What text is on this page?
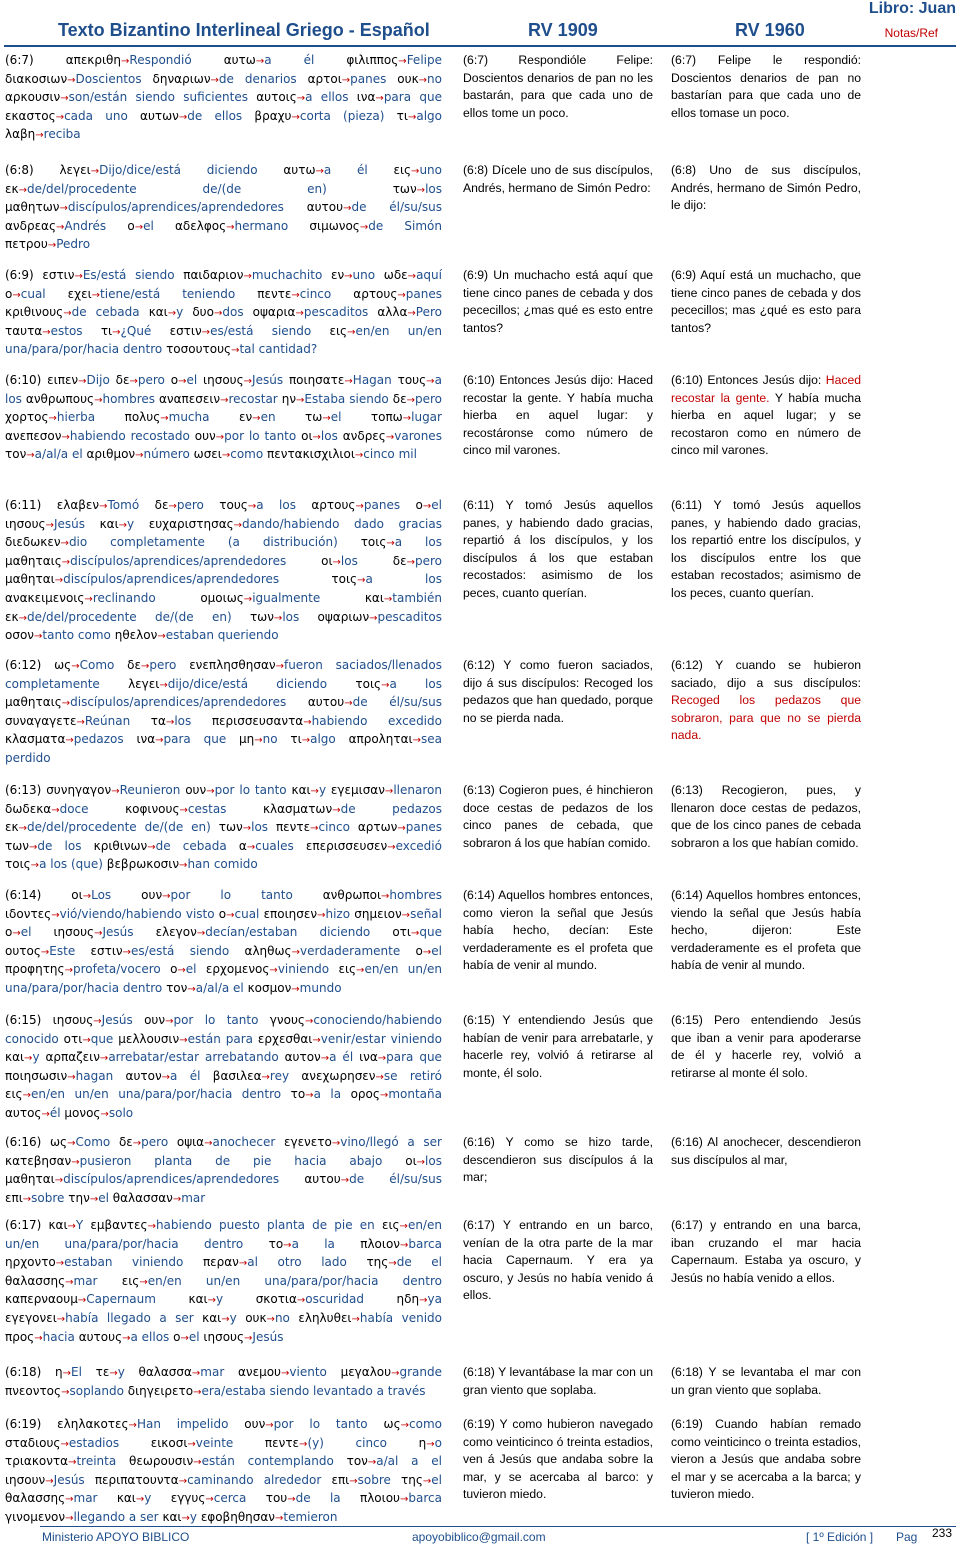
Texto Bizantino Interlineal Griego - Español	RV 1909	RV 1960
Libro: Juan
Notas/Ref
(6:7)	απεκριθη→Respondió	αυτω→a él	φιλιππος→Felipe διακοσιων→Doscientos δηναριων→de denarios αρτοι→panes ουκ→no αρκουσιν→son/están siendo suficientes αυτοις→a ellos ινα→para que εκαστος→cada uno αυτων→de ellos βραχυ→corta (pieza) τι→algo λαβη→reciba
(6:7) Respondióle Felipe: Doscientos denarios de pan no les bastarán, para que cada uno de ellos tome un poco.
(6:7) Felipe le respondió: Doscientos denarios de pan no bastarían para que cada uno de ellos tomase un poco.
(6:8) λεγει→Dijo/dice/está diciendo αυτω→a él εις→uno εκ→de/del/procedente de/(de en)	των→los μαθητων→discípulos/aprendices/aprendedores αυτου→de él/su/sus ανδρεας→Andrés ο→el αδελφος→hermano σιμωνος→de Simón πετρου→Pedro
(6:8) Dícele uno de sus discípulos, Andrés, hermano de Simón Pedro:
(6:8) Uno de sus discípulos, Andrés, hermano de Simón Pedro, le dijo:
(6:9) εστιν→Es/está siendo παιδαριον→muchachito εν→uno ωδε→aquí ο→cual εχει→tiene/está teniendo πεντε→cinco αρτους→panes κριθινους→de cebada και→y δυο→dos οψαρια→pescaditos αλλα→Pero ταυτα→estos τι→¿Qué εστιν→es/está siendo εις→en/en un/en una/para/por/hacia dentro τοσουτους→tal cantidad?
(6:9) Un muchacho está aquí que tiene cinco panes de cebada y dos pececillos; ¿mas qué es esto entre tantos?
(6:9) Aquí está un muchacho, que tiene cinco panes de cebada y dos pececillos; mas ¿qué es esto para tantos?
(6:10) ειπεν→Dijo δε→pero ο→el ιησους→Jesús ποιησατε→Hagan τους→a los ανθρωπους→hombres αναπεσειν→recostar ην→Estaba siendo δε→pero χορτος→hierba πολυς→mucha εν→en τω→el τοπω→lugar ανεπεσον→habiendo recostado ουν→por lo tanto οι→los ανδρες→varones τον→a/al/a el αριθμον→número ωσει→como πεντακισχιλιοι→cinco mil
(6:10) Entonces Jesús dijo: Haced recostar la gente. Y había mucha hierba en aquel lugar: y recostáronse como número de cinco mil varones.
(6:10) Entonces Jesús dijo: Haced recostar la gente. Y había mucha hierba en aquel lugar; y se recostaron como en número de cinco mil varones.
(6:11) ελαβεν→Tomó δε→pero τους→a los αρτους→panes ο→el ιησους→Jesús και→y ευχαριστησας→dando/habiendo dado gracias διεδωκεν→dio completamente (a distribución) τοις→a los μαθηταις→discípulos/aprendices/aprendedores	οι→los	δε→pero μαθηται→discípulos/aprendices/aprendedores	τοις→a los ανακειμενοις→reclinando	ομοιως→igualmente	και→también εκ→de/del/procedente de/(de en) των→los οψαριων→pescaditos οσον→tanto como ηθελον→estaban queriendo
(6:11) Y tomó Jesús aquellos panes, y habiendo dado gracias, repartió á los discípulos, y los discípulos á los que estaban recostados: asimismo de los peces, cuanto querían.
(6:11) Y tomó Jesús aquellos panes, y habiendo dado gracias, los repartió entre los discípulos, y los discípulos entre los que estaban recostados; asimismo de los peces, cuanto querían.
(6:12) ως→Como δε→pero ενεπλησθησαν→fueron saciados/llenados completamente λεγει→dijo/dice/está diciendo τοις→a los μαθηταις→discípulos/aprendices/aprendedores αυτου→de él/su/sus συναγαγετε→Reúnan τα→los περισσευσαντα→habiendo excedido κλασματα→pedazos ινα→para que μη→no τι→algo απροληται→sea perdido
(6:12) Y como fueron saciados, dijo á sus discípulos: Recoged los pedazos que han quedado, porque no se pierda nada.
(6:12) Y cuando se hubieron saciado, dijo a sus discípulos: Recoged los pedazos que sobraron, para que no se pierda nada.
(6:13) συνηγαγον→Reunieron ουν→por lo tanto και→y εγεμισαν→llenaron δωδεκα→doce	κοφινους→cestas	κλασματων→de pedazos εκ→de/del/procedente de/(de en) των→los πεντε→cinco αρτων→panes των→de los κριθινων→de cebada α→cuales επερισσευσεν→excedió τοις→a los (que) βεβρωκοσιν→han comido
(6:13) Cogieron pues, é hinchieron doce cestas de pedazos de los cinco panes de cebada, que sobraron á los que habían comido.
(6:13) Recogieron, pues, y llenaron doce cestas de pedazos, que de los cinco panes de cebada sobraron a los que habían comido.
(6:14) οι→Los ουν→por lo tanto ανθρωποι→hombres ιδοντες→vió/viendo/habiendo visto ο→cual εποιησεν→hizo σημειον→señal ο→el ιησους→Jesús ελεγον→decían/estaban diciendo οτι→que ουτος→Este εστιν→es/está siendo αληθως→verdaderamente ο→el προφητης→profeta/vocero ο→el ερχομενος→viniendo εις→en/en un/en una/para/por/hacia dentro τον→a/al/a el κοσμον→mundo
(6:14) Aquellos hombres entonces, como vieron la señal que Jesús había hecho, decían: Este verdaderamente es el profeta que había de venir al mundo.
(6:14) Aquellos hombres entonces, viendo la señal que Jesús había hecho, dijeron: Este verdaderamente es el profeta que había de venir al mundo.
(6:15) ιησους→Jesús ουν→por lo tanto γνους→conociendo/habiendo conocido οτι→que μελλουσιν→están para ερχεσθαι→venir/estar viniendo και→y αρπαζειν→arrebatar/estar arrebatando αυτον→a él ινα→para que ποιησωσιν→hagan αυτον→a él βασιλεα→rey ανεχωρησεν→se retiró εις→en/en un/en una/para/por/hacia dentro το→a la ορος→montaña αυτος→él μονος→solo
(6:15) Y entendiendo Jesús que habían de venir para arrebatarle, y hacerle rey, volvió á retirarse al monte, él solo.
(6:15) Pero entendiendo Jesús que iban a venir para apoderarse de él y hacerle rey, volvió a retirarse al monte él solo.
(6:16) ως→Como δε→pero οψια→anochecer εγενετο→vino/llegó a ser κατεβησαν→pusieron planta de pie hacia abajo οι→los μαθηται→discípulos/aprendices/aprendedores αυτου→de él/su/sus επι→sobre την→el θαλασσαν→mar
(6:16) Y como se hizo tarde, descendieron sus discípulos á la mar;
(6:16) Al anochecer, descendieron sus discípulos al mar,
(6:17) και→Y εμβαντες→habiendo puesto planta de pie en εις→en/en un/en una/para/por/hacia dentro το→a la πλοιον→barca ηρχοντο→estaban viniendo περαν→al otro lado της→de el θαλασσης→mar εις→en/en un/en una/para/por/hacia dentro καπερναουμ→Capernaum	και→y	σκοτια→oscuridad	ηδη→ya εγεγονει→había llegado a ser και→y ουκ→no εληλυθει→había venido προς→hacia αυτους→a ellos ο→el ιησους→Jesús
(6:17) Y entrando en un barco, venían de la otra parte de la mar hacia Capernaum. Y era ya oscuro, y Jesús no había venido á ellos.
(6:17) y entrando en una barca, iban cruzando el mar hacia Capernaum. Estaba ya oscuro, y Jesús no había venido a ellos.
(6:18) η→El τε→y θαλασσα→mar ανεμου→viento μεγαλου→grande πνεοντος→soplando διηγειρετο→era/estaba siendo levantado a través
(6:18) Y levantábase la mar con un gran viento que soplaba.
(6:18) Y se levantaba el mar con un gran viento que soplaba.
(6:19) εληλακοτες→Han impelido ουν→por lo tanto ως→como σταδιους→estadios	εικοσι→veinte	πεντε→(y) cinco	η→o τριακοντα→treinta θεωρουσιν→están contemplando τον→a/al a el ιησουν→Jesús περιπατουντα→caminando alrededor επι→sobre της→el θαλασσης→mar και→y εγγυς→cerca του→de la πλοιου→barca γινομενον→llegando a ser και→y εφοβηθησαν→temieron
(6:19) Y como hubieron navegado como veinticinco ó treinta estadios, ven á Jesús que andaba sobre la mar, y se acercaba al barco: y tuvieron miedo.
(6:19) Cuando habían remado como veinticinco o treinta estadios, vieron a Jesús que andaba sobre el mar y se acercaba a la barca; y tuvieron miedo.
Ministerio APOYO BIBLICO	apoyobiblico@gmail.com	[ 1º Edición ] Pag 233
